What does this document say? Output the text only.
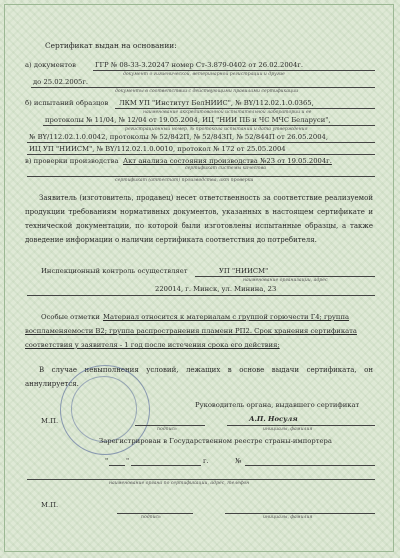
Сертификат выдан на основании:
а) документов	ГГР № 08-33-3.20247 номер Ст-3.879-0402 от 26.02.2004г.
документ о гигиенической, ветеринарной регистрации и другие
до 25.02.2005г.
документы в соответствии с действующими правилами сертификации
б) испытаний образцов ЛКМ УП "Институт БелНИИС", № BY/112.02.1.0.0365,
наименование аккредитованной испытательной лаборатории и ее
протоколы № 11/04, № 12/04 от 19.05.2004, ИЦ "НИИ ПБ и ЧС МЧС Беларуси",
регистрационный номер, № протокола испытаний и дата утверждения
№ BY/112.02.1.0.0042, протоколы № 52/842П, № 52/843П, № 52/844П от 26.05.2004,
ИЦ УП "НИИСМ", № BY/112.02.1.0.0010, протокол № 172 от 25.05.2004
в) проверки производства Акт анализа состояния производства №23 от 19.05.2004г.
сертификат системы качества
сертификат (аттестат) производства, акт проверки
Заявитель (изготовитель, продавец) несет ответственность за соответствие реализуемой продукции требованиям нормативных документов, указанных в настоящем сертификате и технической документации, по которой были изготовлены испытанные образцы, а также доведение информации о наличии сертификата соответствия до потребителя.
Инспекционный контроль осуществляет	УП "НИИСМ"
наименование организации, адрес
220014, г. Минск, ул. Минина, 23
Особые отметки Материал относится к материалам с группой горючести Г4; группа
воспламеняемости В2; группа распространения пламени РП2. Срок хранения сертификата
соответствия у заявителя - 1 год после истечения срока его действия;
В случае невыполнения условий, лежащих в основе выдачи сертификата, он аннулируется.
Руководитель органа, выдавшего сертификат
М.П.
подпись
А.П. Носуля
инициалы, фамилия
Зарегистрирован в Государственном реестре страны-импортера
"	"	г.	№
наименование органа по сертификации, адрес, телефон
М.П.
подпись	инициалы, фамилия
